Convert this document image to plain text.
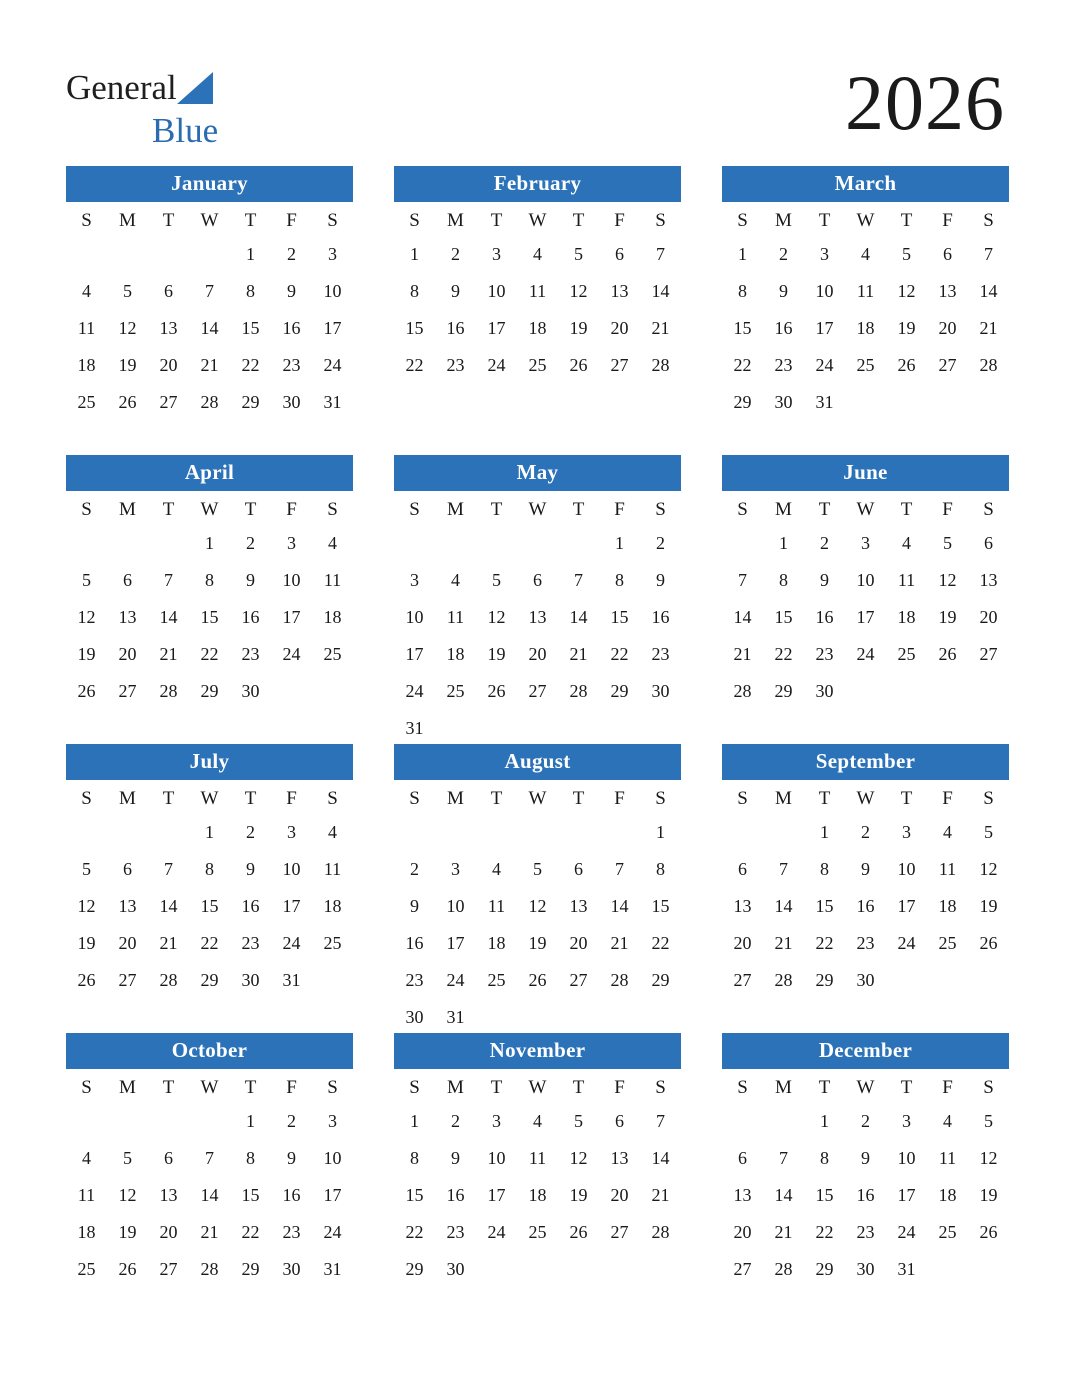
General
Blue	2026
January
S	M	T	W	T	F	S
				1	2	3
4	5	6	7	8	9	10
11	12	13	14	15	16	17
18	19	20	21	22	23	24
25	26	27	28	29	30	31

February
S	M	T	W	T	F	S
1	2	3	4	5	6	7
8	9	10	11	12	13	14
15	16	17	18	19	20	21
22	23	24	25	26	27	28

March
S	M	T	W	T	F	S
1	2	3	4	5	6	7
8	9	10	11	12	13	14
15	16	17	18	19	20	21
22	23	24	25	26	27	28
29	30	31				

April
S	M	T	W	T	F	S
			1	2	3	4
5	6	7	8	9	10	11
12	13	14	15	16	17	18
19	20	21	22	23	24	25
26	27	28	29	30		

May
S	M	T	W	T	F	S
					1	2
3	4	5	6	7	8	9
10	11	12	13	14	15	16
17	18	19	20	21	22	23
24	25	26	27	28	29	30
31						
June
S	M	T	W	T	F	S
	1	2	3	4	5	6
7	8	9	10	11	12	13
14	15	16	17	18	19	20
21	22	23	24	25	26	27
28	29	30				

July
S	M	T	W	T	F	S
			1	2	3	4
5	6	7	8	9	10	11
12	13	14	15	16	17	18
19	20	21	22	23	24	25
26	27	28	29	30	31	

August
S	M	T	W	T	F	S
						1
2	3	4	5	6	7	8
9	10	11	12	13	14	15
16	17	18	19	20	21	22
23	24	25	26	27	28	29
30	31					
September
S	M	T	W	T	F	S
		1	2	3	4	5
6	7	8	9	10	11	12
13	14	15	16	17	18	19
20	21	22	23	24	25	26
27	28	29	30			

October
S	M	T	W	T	F	S
				1	2	3
4	5	6	7	8	9	10
11	12	13	14	15	16	17
18	19	20	21	22	23	24
25	26	27	28	29	30	31

November
S	M	T	W	T	F	S
1	2	3	4	5	6	7
8	9	10	11	12	13	14
15	16	17	18	19	20	21
22	23	24	25	26	27	28
29	30					

December
S	M	T	W	T	F	S
		1	2	3	4	5
6	7	8	9	10	11	12
13	14	15	16	17	18	19
20	21	22	23	24	25	26
27	28	29	30	31		
